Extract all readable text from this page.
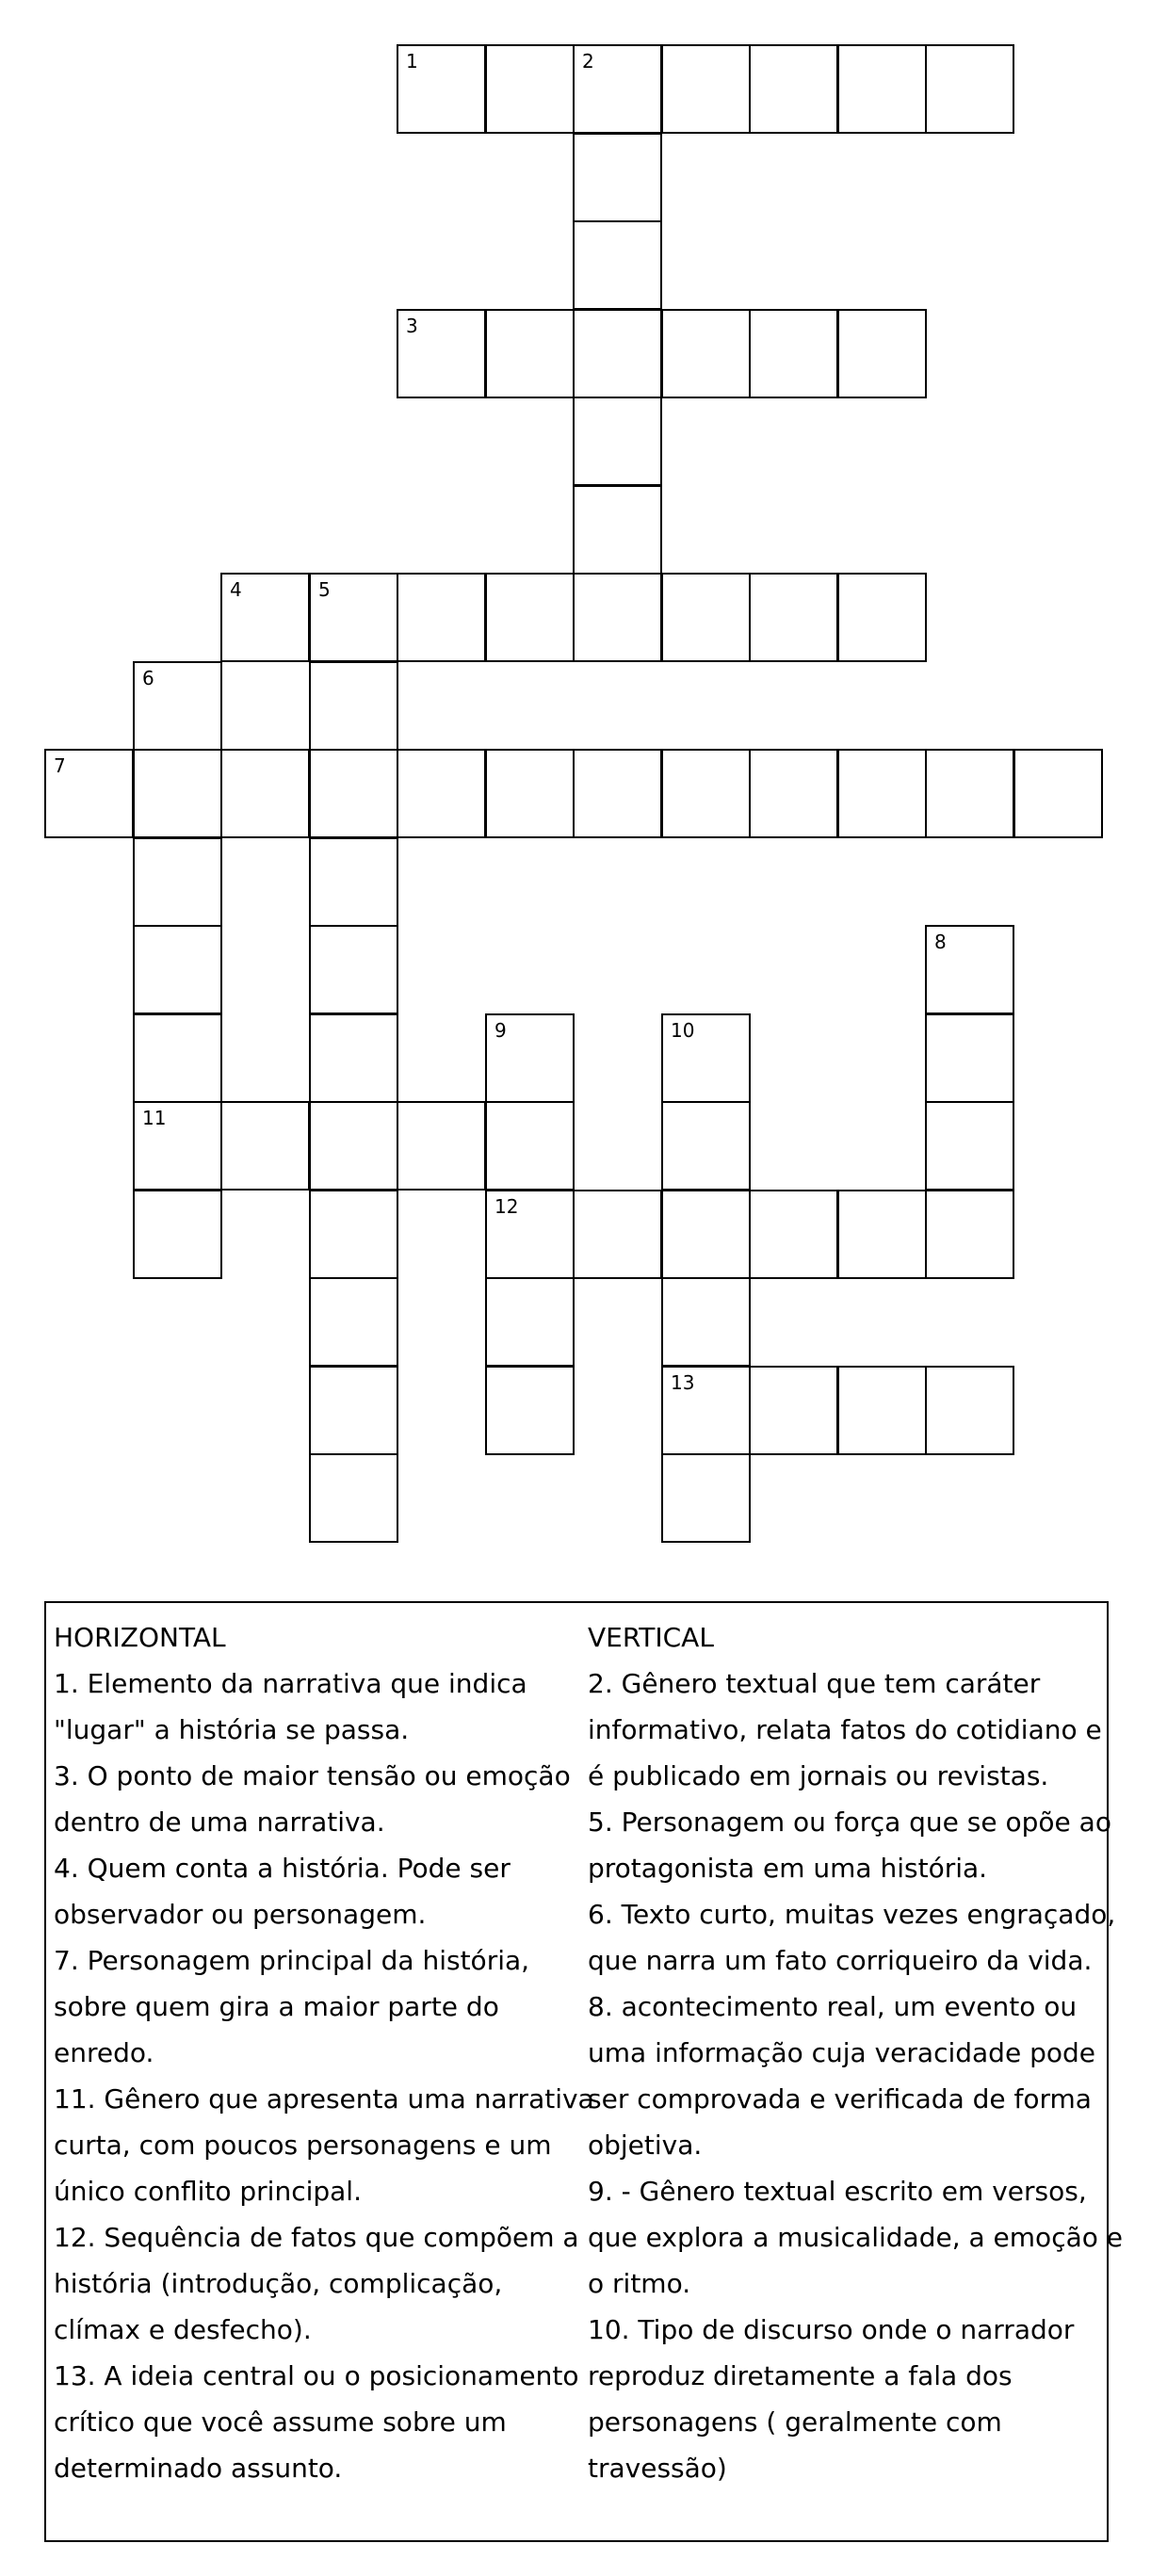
1	2
3
4	5
6
11
7
8
9
12
10
13
HORIZONTAL
1. Elemento da narrativa que indica
"lugar" a história se passa.
3. O ponto de maior tensão ou emoção
dentro de uma narrativa.
4. Quem conta a história. Pode ser
observador ou personagem.
7. Personagem principal da história,
sobre quem gira a maior parte do
enredo.
11. Gênero que apresenta uma narrativa
curta, com poucos personagens e um
único conflito principal.
12. Sequência de fatos que compõem a
história (introdução, complicação,
clímax e desfecho).
13. A ideia central ou o posicionamento
crítico que você assume sobre um
determinado assunto.
VERTICAL
2. Gênero textual que tem caráter
informativo, relata fatos do cotidiano e
é publicado em jornais ou revistas.
5. Personagem ou força que se opõe ao
protagonista em uma história.
6. Texto curto, muitas vezes engraçado,
que narra um fato corriqueiro da vida.
8. acontecimento real, um evento ou
uma informação cuja veracidade pode
ser comprovada e verificada de forma
objetiva.
9. - Gênero textual escrito em versos,
que explora a musicalidade, a emoção e
o ritmo.
10. Tipo de discurso onde o narrador
reproduz diretamente a fala dos
personagens ( geralmente com
travessão)
